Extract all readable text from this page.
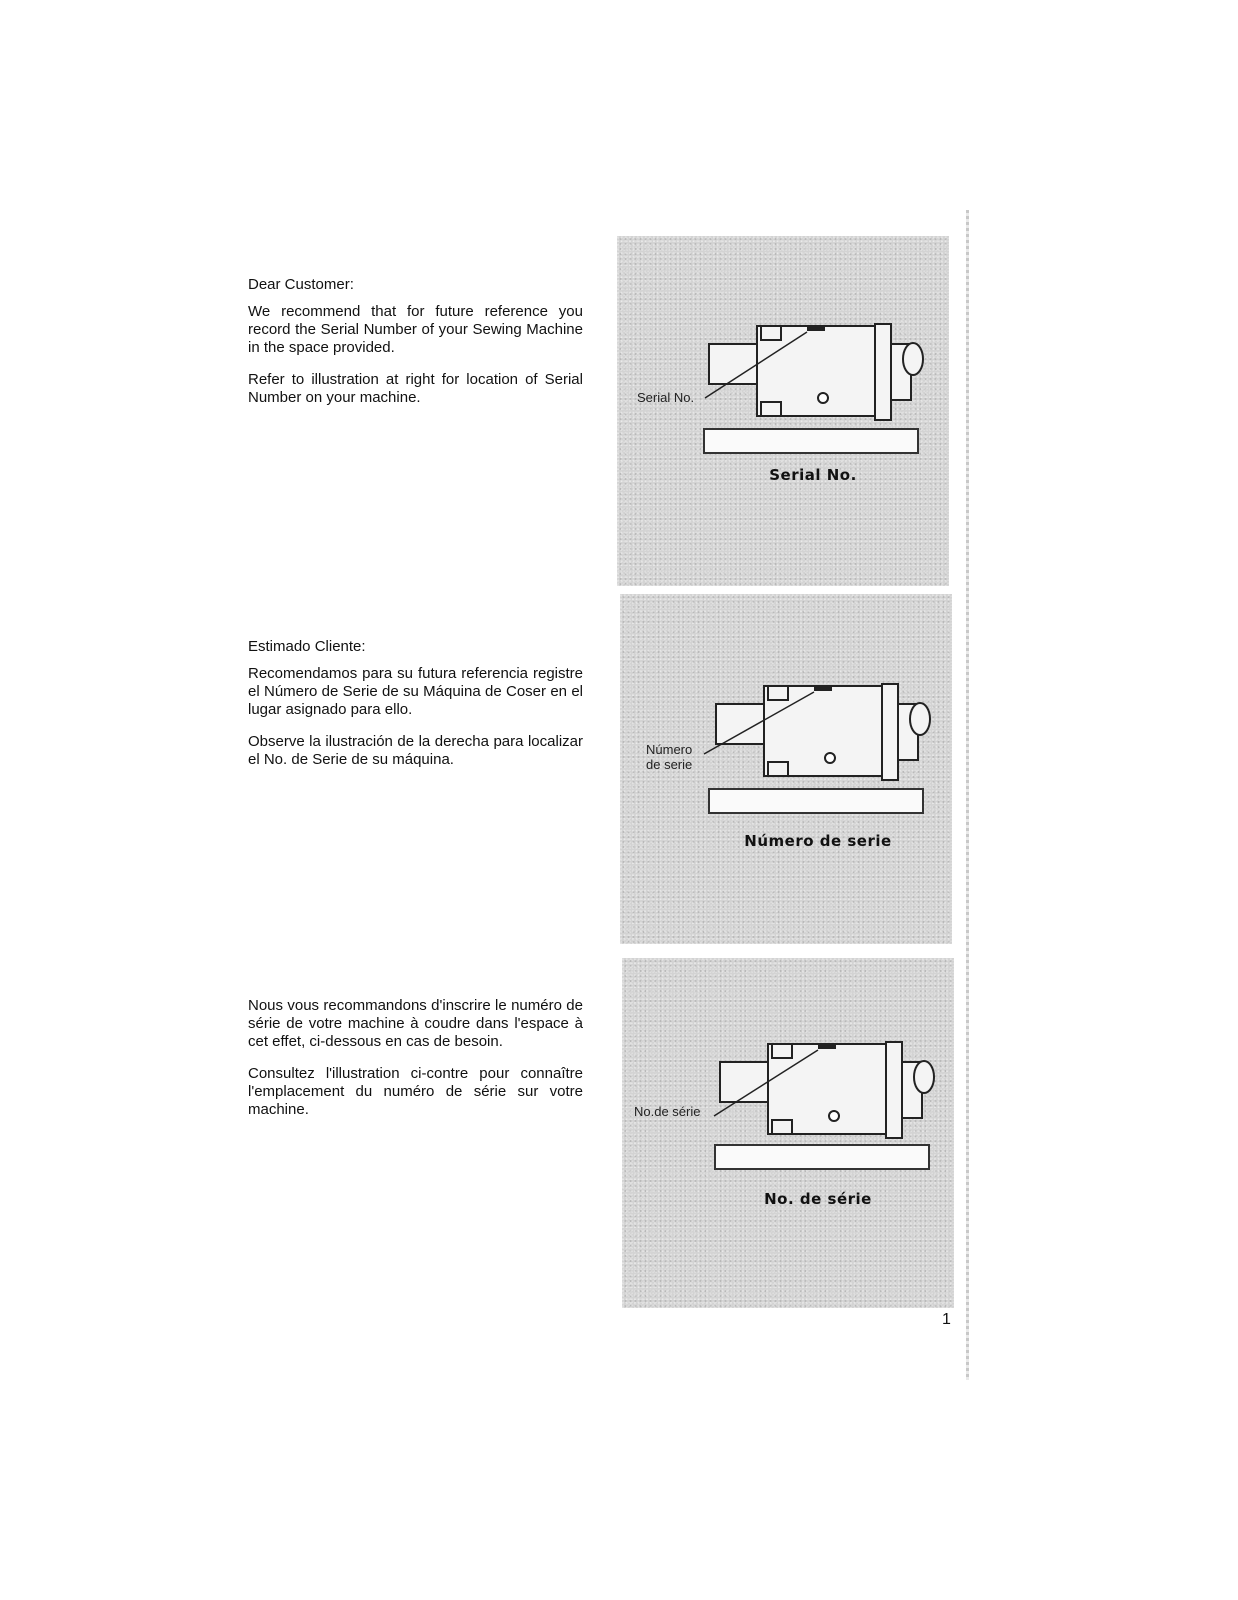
Dear Customer:

We recommend that for future reference you record the Serial Number of your Sewing Machine in the space provided.

Refer to illustration at right for location of Serial Number on your machine.

Estimado Cliente:

Recomendamos para su futura referencia registre el Número de Serie de su Máquina de Coser en el lugar asignado para ello.

Observe la ilustración de la derecha para localizar el No. de Serie de su máquina.

Nous vous recommandons d'inscrire le numéro de série de votre machine à coudre dans l'espace à cet effet, ci-dessous en cas de besoin.

Consultez l'illustration ci-contre pour connaître l'emplacement du numéro de série sur votre machine.

Serial No.
Serial No.
Número
de serie
Número de serie
No.de série
No. de série
1
